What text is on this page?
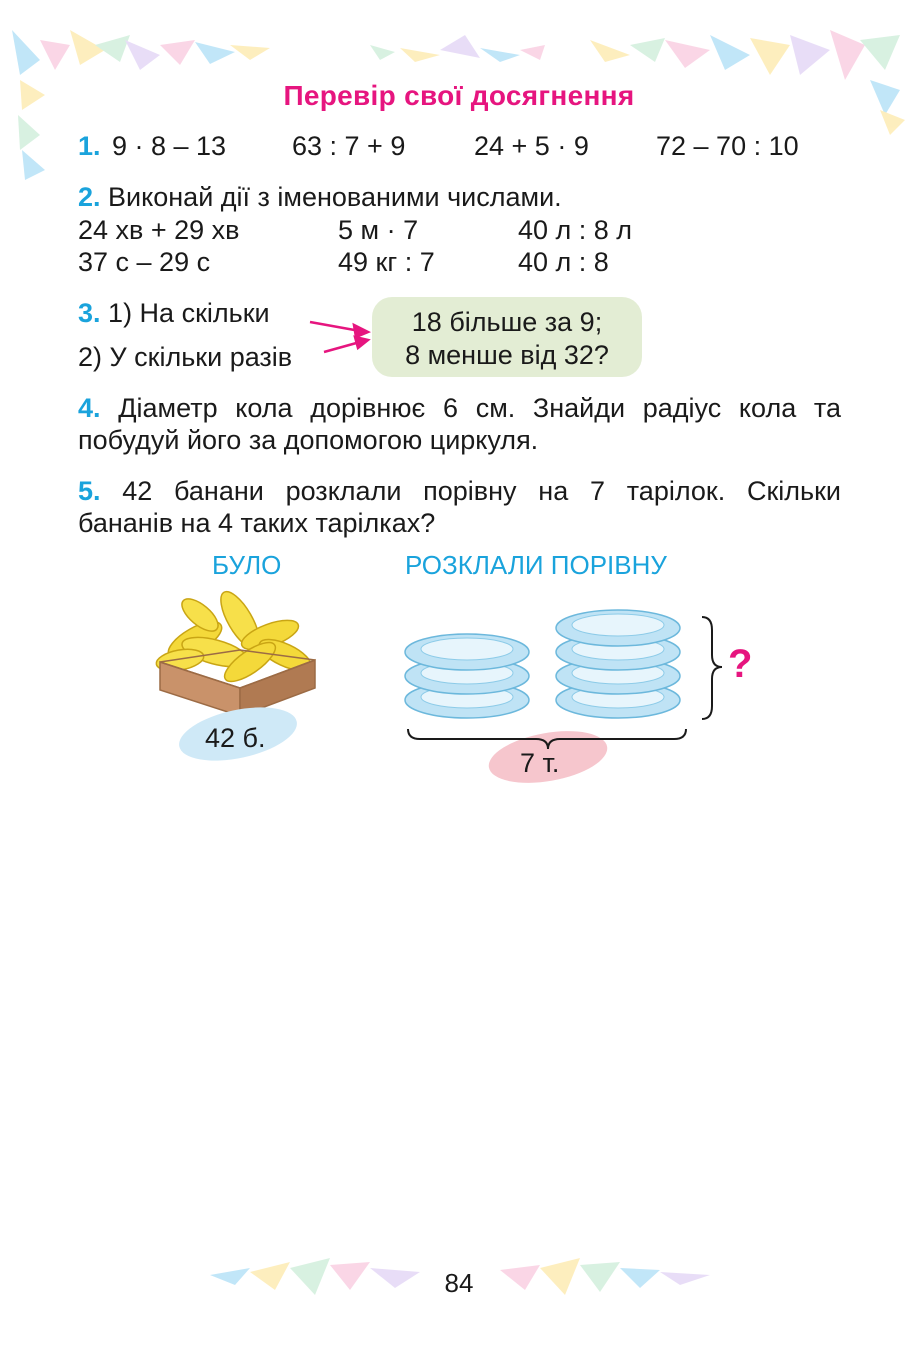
Перевір свої досягнення
1. 9 · 8 – 13 63 : 7 + 9	24 + 5 · 9 72 – 70 : 10
2. Виконай дії з іменованими числами.
24 хв + 29 хв	5 м · 7	40 л : 8 л
37 с – 29 с	49 кг : 7	40 л : 8
3. 1) На скільки
2) У скільки разів
18 більше за 9;
8 менше від 32?
4. Діаметр кола дорівнює 6 см. Знайди радіус кола та
побудуй його за допомогою циркуля.
5. 42 банани розклали порівну на 7 тарілок. Скільки
бананів на 4 таких тарілках?
БУЛО	РОЗКЛАЛИ ПОРІВНУ
42 б.
7 т.
?
84
